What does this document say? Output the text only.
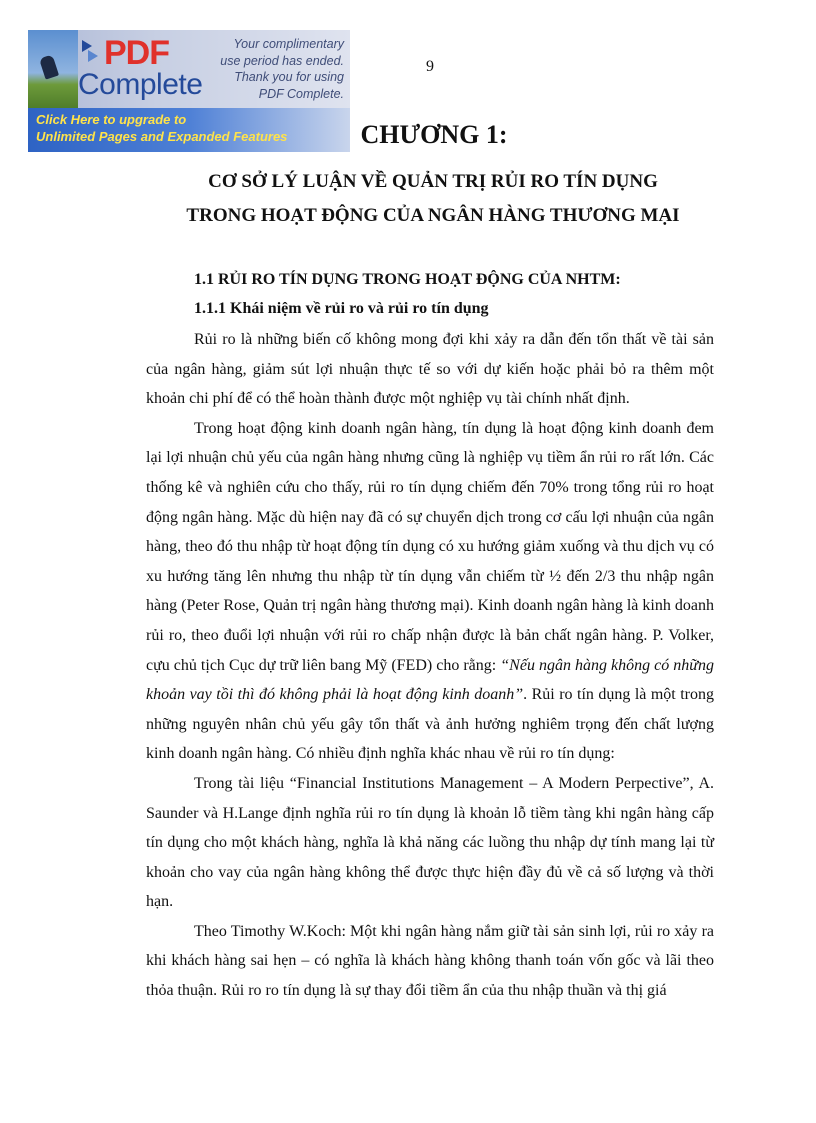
PDF
Complete
Your complimentary
use period has ended.
Thank you for using
PDF Complete.
Click Here to upgrade to
Unlimited Pages and Expanded Features
9
CHƯƠNG 1:
CƠ SỞ LÝ LUẬN VỀ QUẢN TRỊ RỦI RO TÍN DỤNG
TRONG HOẠT ĐỘNG CỦA NGÂN HÀNG THƯƠNG MẠI
1.1 RỦI RO TÍN DỤNG TRONG HOẠT ĐỘNG CỦA NHTM:
1.1.1 Khái niệm về rủi ro và rủi ro tín dụng

Rủi ro là những biến cố không mong đợi khi xảy ra dẫn đến tổn thất về tài sản của ngân hàng, giảm sút lợi nhuận thực tế so với dự kiến hoặc phải bỏ ra thêm một khoản chi phí để có thể hoàn thành được một nghiệp vụ tài chính nhất định.

Trong hoạt động kinh doanh ngân hàng, tín dụng là hoạt động kinh doanh đem lại lợi nhuận chủ yếu của ngân hàng nhưng cũng là nghiệp vụ tiềm ẩn rủi ro rất lớn. Các thống kê và nghiên cứu cho thấy, rủi ro tín dụng chiếm đến 70% trong tổng rủi ro hoạt động ngân hàng. Mặc dù hiện nay đã có sự chuyển dịch trong cơ cấu lợi nhuận của ngân hàng, theo đó thu nhập từ hoạt động tín dụng có xu hướng giảm xuống và thu dịch vụ có xu hướng tăng lên nhưng thu nhập từ tín dụng vẫn chiếm từ ½ đến 2/3 thu nhập ngân hàng (Peter Rose, Quản trị ngân hàng thương mại). Kinh doanh ngân hàng là kinh doanh rủi ro, theo đuổi lợi nhuận với rủi ro chấp nhận được là bản chất ngân hàng. P. Volker, cựu chủ tịch Cục dự trữ liên bang Mỹ (FED) cho rằng: “Nếu ngân hàng không có những khoản vay tồi thì đó không phải là hoạt động kinh doanh”. Rủi ro tín dụng là một trong những nguyên nhân chủ yếu gây tổn thất và ảnh hưởng nghiêm trọng đến chất lượng kinh doanh ngân hàng. Có nhiều định nghĩa khác nhau về rủi ro tín dụng:

Trong tài liệu “Financial Institutions Management – A Modern Perpective”, A. Saunder và H.Lange định nghĩa rủi ro tín dụng là khoản lỗ tiềm tàng khi ngân hàng cấp tín dụng cho một khách hàng, nghĩa là khả năng các luồng thu nhập dự tính mang lại từ khoản cho vay của ngân hàng không thể được thực hiện đầy đủ về cả số lượng và thời hạn.

Theo Timothy W.Koch: Một khi ngân hàng nắm giữ tài sản sinh lợi, rủi ro xảy ra khi khách hàng sai hẹn – có nghĩa là khách hàng không thanh toán vốn gốc và lãi theo thỏa thuận. Rủi ro ro tín dụng là sự thay đổi tiềm ẩn của thu nhập thuần và thị giá
